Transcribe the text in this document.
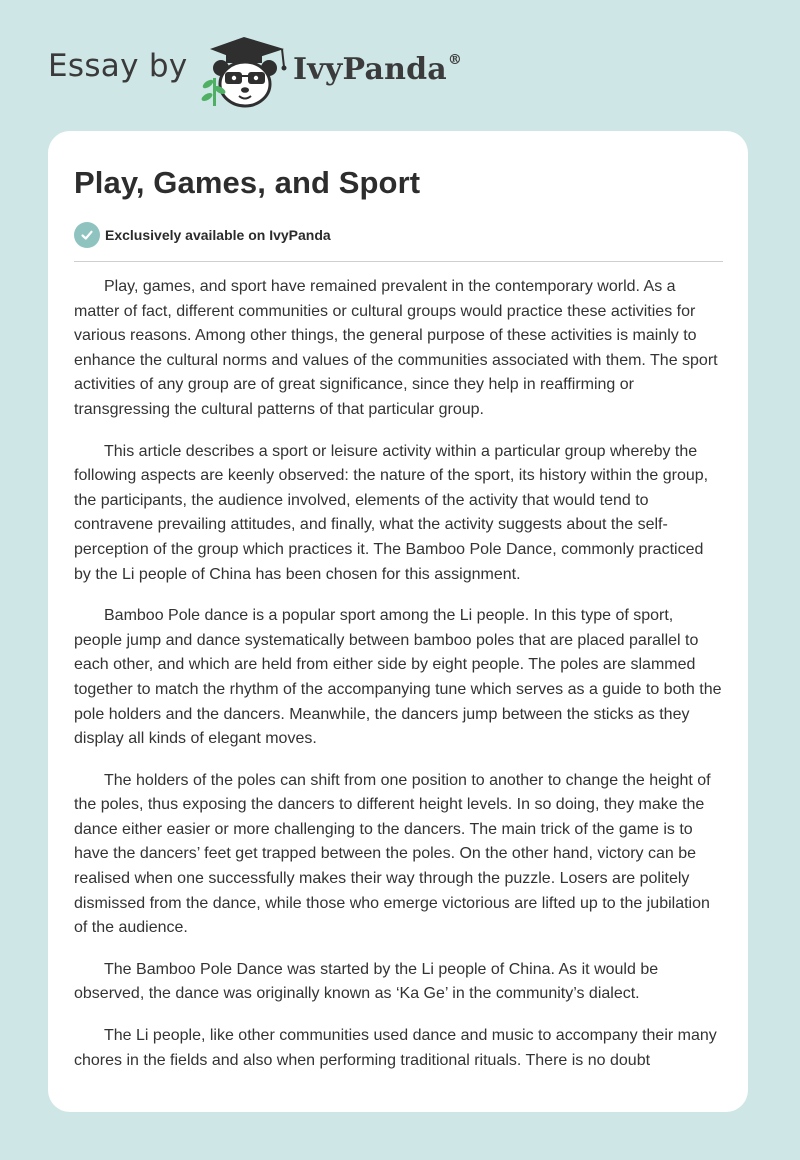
Essay by	IvyPanda®
Play, Games, and Sport
Exclusively available on IvyPanda

Play, games, and sport have remained prevalent in the contemporary world. As a matter of fact, different communities or cultural groups would practice these activities for various reasons. Among other things, the general purpose of these activities is mainly to enhance the cultural norms and values of the communities associated with them. The sport activities of any group are of great significance, since they help in reaffirming or transgressing the cultural patterns of that particular group.

This article describes a sport or leisure activity within a particular group whereby the following aspects are keenly observed: the nature of the sport, its history within the group, the participants, the audience involved, elements of the activity that would tend to contravene prevailing attitudes, and finally, what the activity suggests about the self-perception of the group which practices it. The Bamboo Pole Dance, commonly practiced by the Li people of China has been chosen for this assignment.

Bamboo Pole dance is a popular sport among the Li people. In this type of sport, people jump and dance systematically between bamboo poles that are placed parallel to each other, and which are held from either side by eight people. The poles are slammed together to match the rhythm of the accompanying tune which serves as a guide to both the pole holders and the dancers. Meanwhile, the dancers jump between the sticks as they display all kinds of elegant moves.

The holders of the poles can shift from one position to another to change the height of the poles, thus exposing the dancers to different height levels. In so doing, they make the dance either easier or more challenging to the dancers. The main trick of the game is to have the dancers’ feet get trapped between the poles. On the other hand, victory can be realised when one successfully makes their way through the puzzle. Losers are politely dismissed from the dance, while those who emerge victorious are lifted up to the jubilation of the audience.

The Bamboo Pole Dance was started by the Li people of China. As it would be observed, the dance was originally known as ‘Ka Ge’ in the community’s dialect.

The Li people, like other communities used dance and music to accompany their many chores in the fields and also when performing traditional rituals. There is no doubt
